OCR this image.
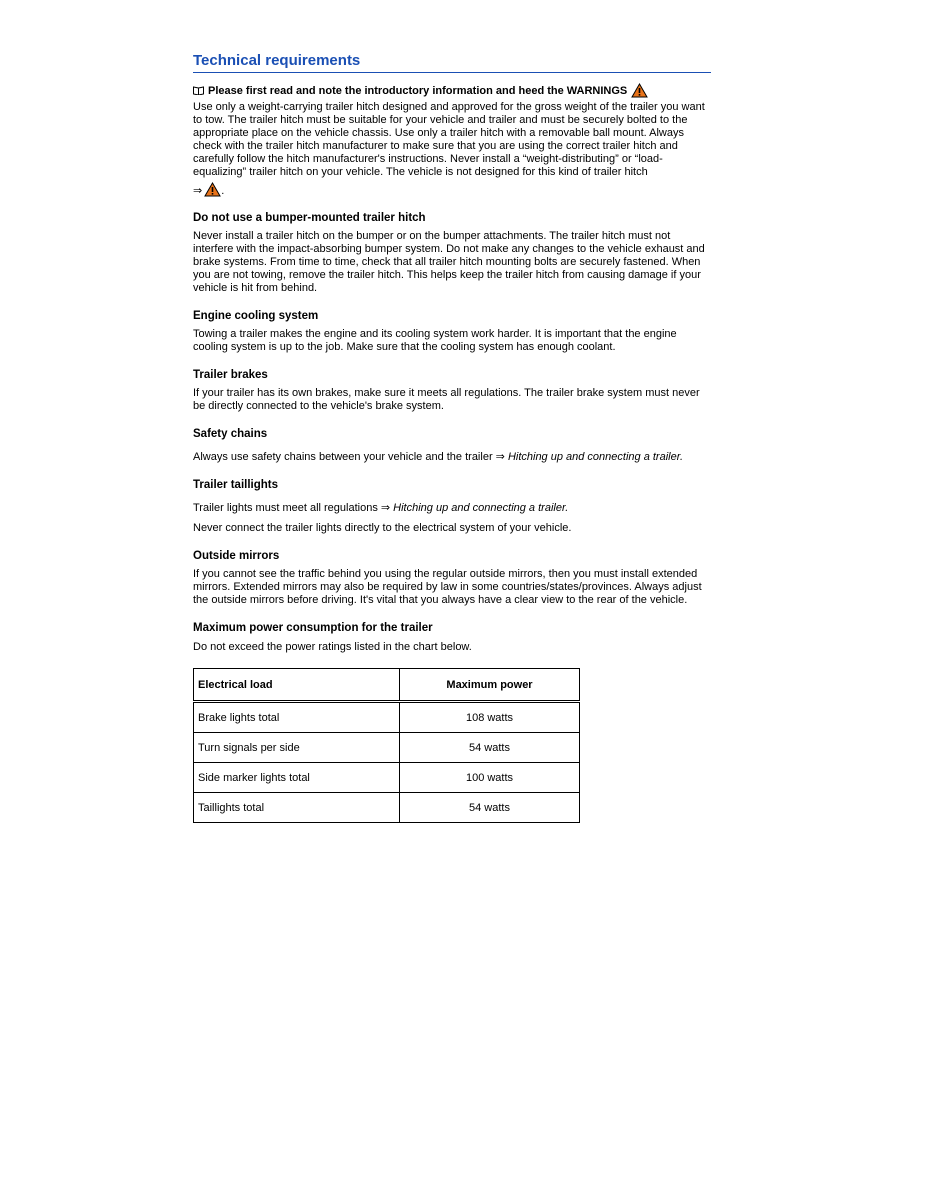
Technical requirements
Please first read and note the introductory information and heed the WARNINGS

Use only a weight-carrying trailer hitch designed and approved for the gross weight of the trailer you want to tow. The trailer hitch must be suitable for your vehicle and trailer and must be securely bolted to the appropriate place on the vehicle chassis. Use only a trailer hitch with a removable ball mount. Always check with the trailer hitch manufacturer to make sure that you are using the correct trailer hitch and carefully follow the hitch manufacturer's instructions. Never install a “weight-distributing” or “load-equalizing” trailer hitch on your vehicle. The vehicle is not designed for this kind of trailer hitch

⇒ .
Do not use a bumper-mounted trailer hitch

Never install a trailer hitch on the bumper or on the bumper attachments. The trailer hitch must not interfere with the impact-absorbing bumper system. Do not make any changes to the vehicle exhaust and brake systems. From time to time, check that all trailer hitch mounting bolts are securely fastened. When you are not towing, remove the trailer hitch. This helps keep the trailer hitch from causing damage if your vehicle is hit from behind.

Engine cooling system

Towing a trailer makes the engine and its cooling system work harder. It is important that the engine cooling system is up to the job. Make sure that the cooling system has enough coolant.

Trailer brakes

If your trailer has its own brakes, make sure it meets all regulations. The trailer brake system must never be directly connected to the vehicle's brake system.

Safety chains

Always use safety chains between your vehicle and the trailer ⇒ Hitching up and connecting a trailer.

Trailer taillights

Trailer lights must meet all regulations ⇒ Hitching up and connecting a trailer.

Never connect the trailer lights directly to the electrical system of your vehicle.

Outside mirrors

If you cannot see the traffic behind you using the regular outside mirrors, then you must install extended mirrors. Extended mirrors may also be required by law in some countries/states/provinces. Always adjust the outside mirrors before driving. It's vital that you always have a clear view to the rear of the vehicle.

Maximum power consumption for the trailer

Do not exceed the power ratings listed in the chart below.

Electrical load	Maximum power
Brake lights total	108 watts
Turn signals per side	54 watts
Side marker lights total	100 watts
Taillights total	54 watts
